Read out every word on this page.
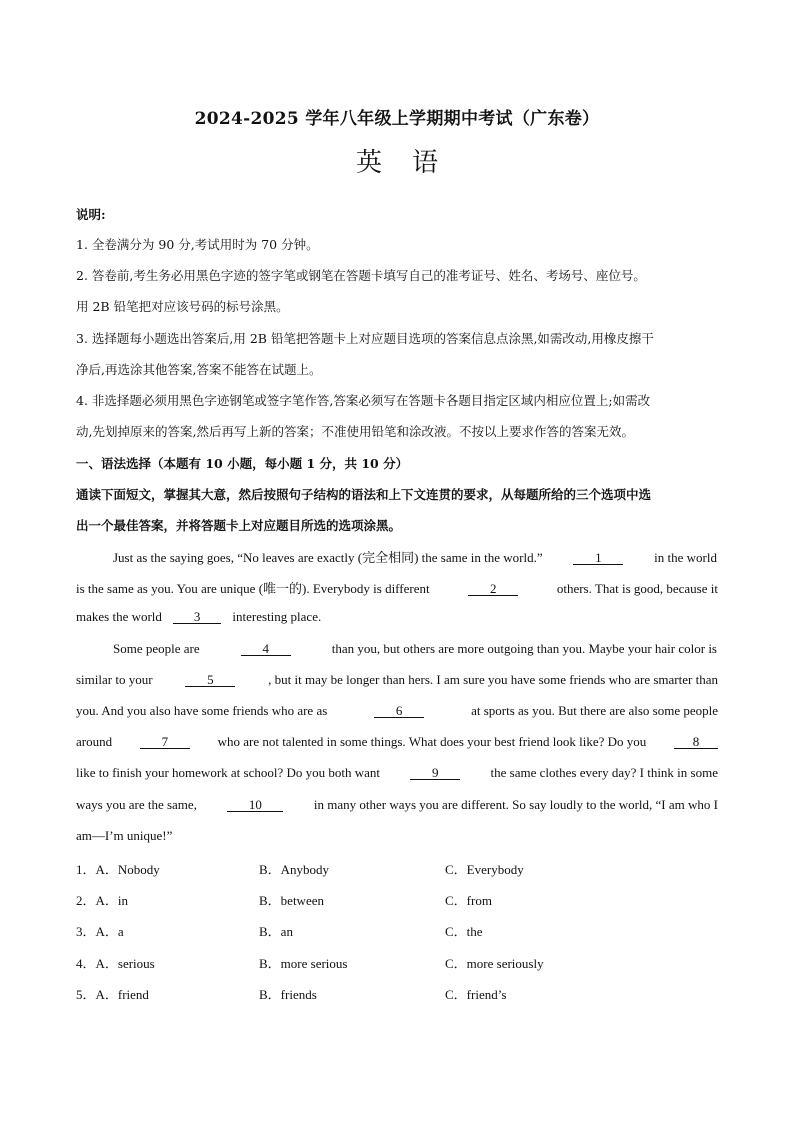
2024-2025 学年八年级上学期期中考试（广东卷）
英语
说明:
1. 全卷满分为 90 分,考试用时为 70 分钟。
2. 答卷前,考生务必用黑色字迹的签字笔或钢笔在答题卡填写自己的准考证号、姓名、考场号、座位号。
用 2B 铅笔把对应该号码的标号涂黑。
3. 选择题每小题选出答案后,用 2B 铅笔把答题卡上对应题目选项的答案信息点涂黑,如需改动,用橡皮擦干
净后,再选涂其他答案,答案不能答在试题上。
4. 非选择题必须用黑色字迹钢笔或签字笔作答,答案必须写在答题卡各题目指定区域内相应位置上;如需改
动,先划掉原来的答案,然后再写上新的答案；不准使用铅笔和涂改液。不按以上要求作答的答案无效。
一、语法选择（本题有 10 小题，每小题 1 分，共 10 分）
通读下面短文，掌握其大意，然后按照句子结构的语法和上下文连贯的要求，从每题所给的三个选项中选
出一个最佳答案，并将答题卡上对应题目所选的选项涂黑。
Just as the saying goes, “No leaves are exactly (完全相同) the same in the world.”	1	in the world
is the same as you. You are unique (唯一的). Everybody is different	2	others. That is good, because it
makes the world 3 interesting place.
Some people are	4	than you, but others are more outgoing than you. Maybe your hair color is
similar to your	5	, but it may be longer than hers. I am sure you have some friends who are smarter than
you. And you also have some friends who are as	6	at sports as you. But there are also some people
around	7	who are not talented in some things. What does your best friend look like? Do you	8
like to finish your homework at school? Do you both want	9	the same clothes every day? I think in some
ways you are the same,	10	in many other ways you are different. So say loudly to the world, “I am who I
am—I’m unique!”
1．A．Nobody	B．Anybody	C．Everybody
2．A．in	B．between	C．from
3．A．a	B．an	C．the
4．A．serious	B．more serious	C．more seriously
5．A．friend	B．friends	C．friend’s
